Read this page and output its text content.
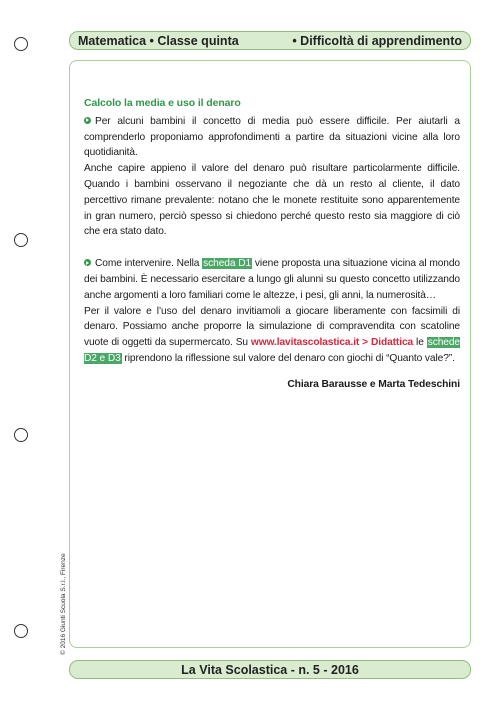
Matematica • Classe quinta	• Difficoltà di apprendimento
Calcolo la media e uso il denaro

Per alcuni bambini il concetto di media può essere difficile. Per aiutarli a comprenderlo proponiamo approfondimenti a partire da situazioni vicine alla loro quotidianità.

Anche capire appieno il valore del denaro può risultare particolarmente difficile. Quando i bambini osservano il negoziante che dà un resto al cliente, il dato percettivo rimane prevalente: notano che le monete restituite sono apparentemente in gran numero, perciò spesso si chiedono perché questo resto sia maggiore di ciò che era stato dato.

Come intervenire. Nella scheda D1 viene proposta una situazione vicina al mondo dei bambini. È necessario esercitare a lungo gli alunni su questo concetto utilizzando anche argomenti a loro familiari come le altezze, i pesi, gli anni, la numerosità…

Per il valore e l’uso del denaro invitiamoli a giocare liberamente con facsimili di denaro. Possiamo anche proporre la simulazione di compravendita con scatoline vuote di oggetti da supermercato. Su www.lavitascolastica.it > Didattica le schede D2 e D3 riprendono la riflessione sul valore del denaro con giochi di “Quanto vale?”.

Chiara Barausse e Marta Tedeschini
© 2016 Giunti Scuola S.r.l., Firenze
La Vita Scolastica - n. 5 - 2016
